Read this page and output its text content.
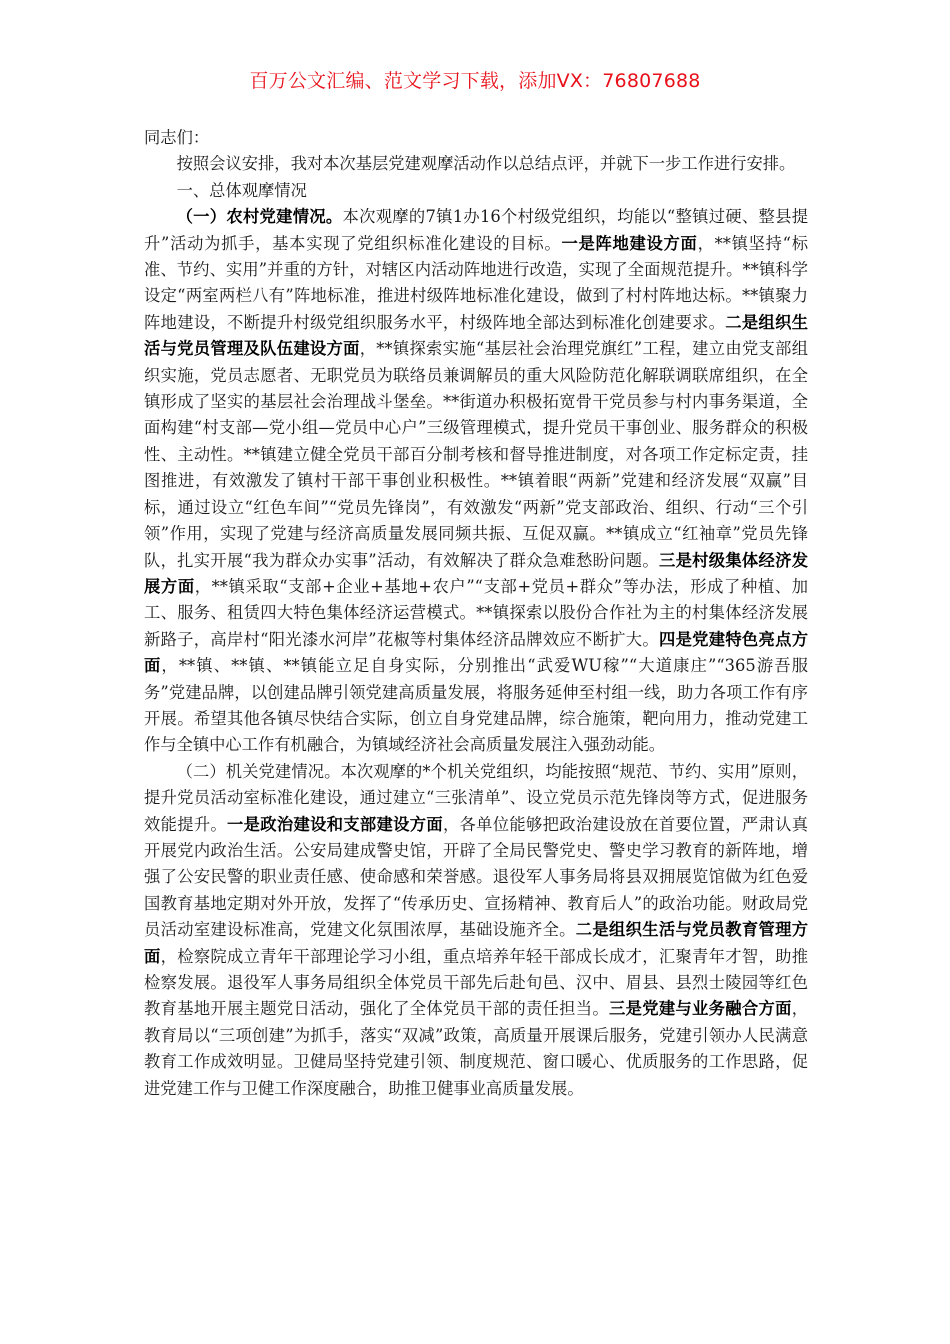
百万公文汇编、范文学习下载，添加VX：76807688

同志们：

按照会议安排，我对本次基层党建观摩活动作以总结点评，并就下一步工作进行安排。

一、总体观摩情况

（一）农村党建情况。本次观摩的7镇1办16个村级党组织，均能以“整镇过硬、整县提升”活动为抓手，基本实现了党组织标准化建设的目标。一是阵地建设方面，**镇坚持“标准、节约、实用”并重的方针，对辖区内活动阵地进行改造，实现了全面规范提升。**镇科学设定“两室两栏八有”阵地标准，推进村级阵地标准化建设，做到了村村阵地达标。**镇聚力阵地建设，不断提升村级党组织服务水平，村级阵地全部达到标准化创建要求。二是组织生活与党员管理及队伍建设方面，**镇探索实施“基层社会治理党旗红”工程，建立由党支部组织实施，党员志愿者、无职党员为联络员兼调解员的重大风险防范化解联调联席组织，在全镇形成了坚实的基层社会治理战斗堡垒。**街道办积极拓宽骨干党员参与村内事务渠道，全面构建“村支部—党小组—党员中心户”三级管理模式，提升党员干事创业、服务群众的积极性、主动性。**镇建立健全党员干部百分制考核和督导推进制度，对各项工作定标定责，挂图推进，有效激发了镇村干部干事创业积极性。**镇着眼“两新”党建和经济发展“双赢”目标，通过设立“红色车间”“党员先锋岗”，有效激发“两新”党支部政治、组织、行动“三个引领”作用，实现了党建与经济高质量发展同频共振、互促双赢。**镇成立“红袖章”党员先锋队，扎实开展“我为群众办实事”活动，有效解决了群众急难愁盼问题。三是村级集体经济发展方面，**镇采取“支部+企业+基地+农户”“支部+党员+群众”等办法，形成了种植、加工、服务、租赁四大特色集体经济运营模式。**镇探索以股份合作社为主的村集体经济发展新路子，高岸村“阳光漆水河岸”花椒等村集体经济品牌效应不断扩大。四是党建特色亮点方面，**镇、**镇、**镇能立足自身实际，分别推出“武爱WU稼”“大道康庄”“365游吾服务”党建品牌，以创建品牌引领党建高质量发展，将服务延伸至村组一线，助力各项工作有序开展。希望其他各镇尽快结合实际，创立自身党建品牌，综合施策，靶向用力，推动党建工作与全镇中心工作有机融合，为镇域经济社会高质量发展注入强劲动能。

（二）机关党建情况。本次观摩的*个机关党组织，均能按照“规范、节约、实用”原则，提升党员活动室标准化建设，通过建立“三张清单”、设立党员示范先锋岗等方式，促进服务效能提升。一是政治建设和支部建设方面，各单位能够把政治建设放在首要位置，严肃认真开展党内政治生活。公安局建成警史馆，开辟了全局民警党史、警史学习教育的新阵地，增强了公安民警的职业责任感、使命感和荣誉感。退役军人事务局将县双拥展览馆做为红色爱国教育基地定期对外开放，发挥了“传承历史、宣扬精神、教育后人”的政治功能。财政局党员活动室建设标准高，党建文化氛围浓厚，基础设施齐全。二是组织生活与党员教育管理方面，检察院成立青年干部理论学习小组，重点培养年轻干部成长成才，汇聚青年才智，助推检察发展。退役军人事务局组织全体党员干部先后赴旬邑、汉中、眉县、县烈士陵园等红色教育基地开展主题党日活动，强化了全体党员干部的责任担当。三是党建与业务融合方面，教育局以“三项创建”为抓手，落实“双减”政策，高质量开展课后服务，党建引领办人民满意教育工作成效明显。卫健局坚持党建引领、制度规范、窗口暖心、优质服务的工作思路，促进党建工作与卫健工作深度融合，助推卫健事业高质量发展。
